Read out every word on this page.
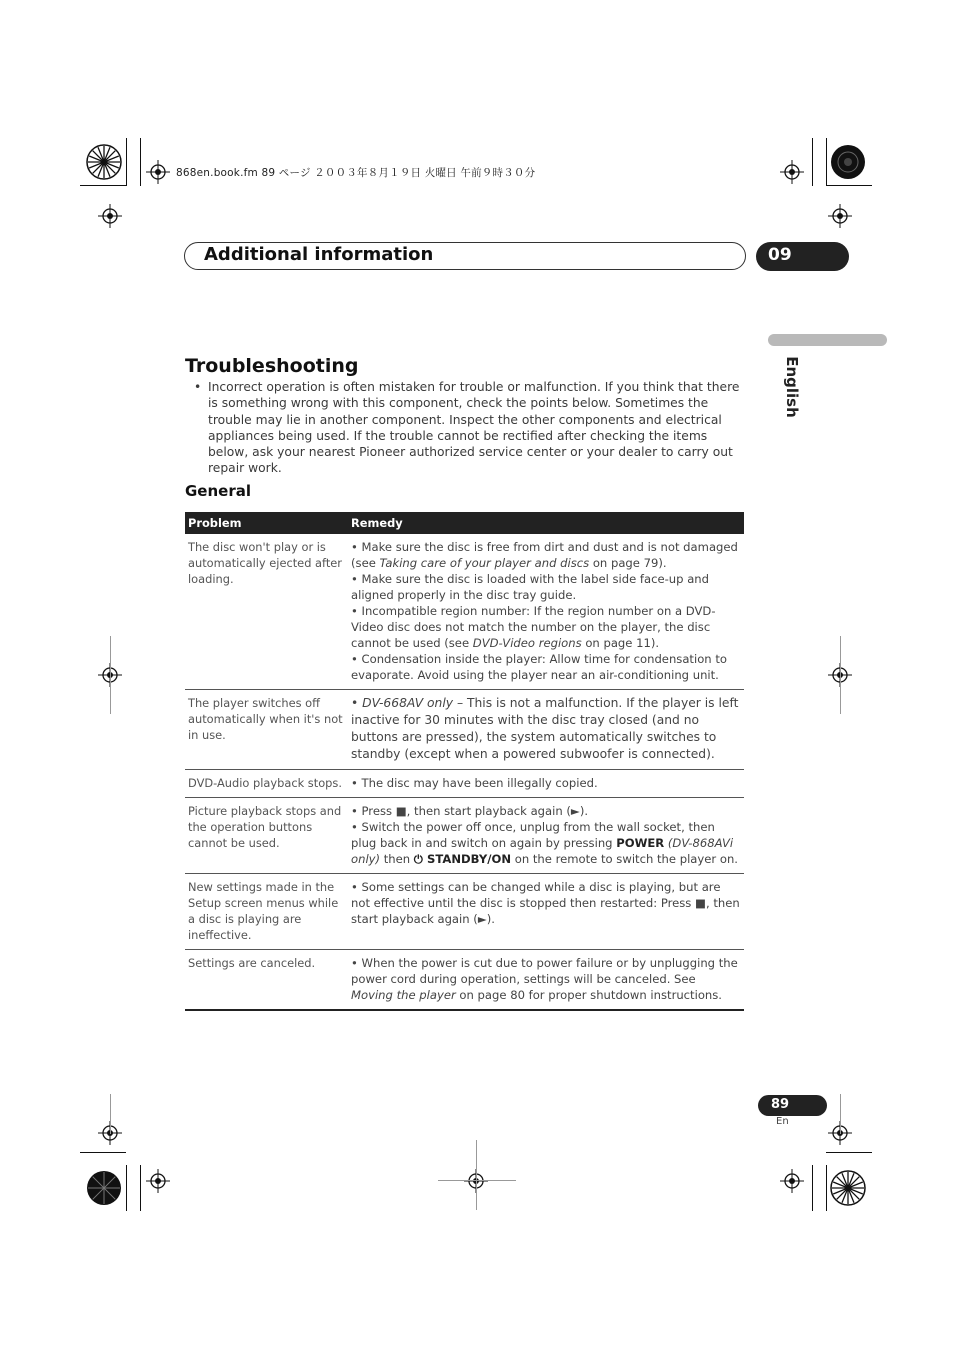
868en.book.fm 89 ページ ２００３年８月１９日 火曜日 午前９時３０分
Additional information	09
English
Troubleshooting
• Incorrect operation is often mistaken for trouble or malfunction. If you think that there is something wrong with this component, check the points below. Sometimes the trouble may lie in another component. Inspect the other components and electrical appliances being used. If the trouble cannot be rectified after checking the items below, ask your nearest Pioneer authorized service center or your dealer to carry out repair work.
General
Problem	Remedy
The disc won't play or is automatically ejected after loading.	• Make sure the disc is free from dirt and dust and is not damaged (see Taking care of your player and discs on page 79).
• Make sure the disc is loaded with the label side face-up and aligned properly in the disc tray guide.
• Incompatible region number: If the region number on a DVD-Video disc does not match the number on the player, the disc cannot be used (see DVD-Video regions on page 11).
• Condensation inside the player: Allow time for condensation to evaporate. Avoid using the player near an air-conditioning unit.

The player switches off automatically when it's not in use.	• DV-668AV only – This is not a malfunction. If the player is left inactive for 30 minutes with the disc tray closed (and no buttons are pressed), the system automatically switches to standby (except when a powered subwoofer is connected).

DVD-Audio playback stops.	• The disc may have been illegally copied.

Picture playback stops and the operation buttons cannot be used.	• Press ■, then start playback again (►).
• Switch the power off once, unplug from the wall socket, then plug back in and switch on again by pressing POWER (DV-868AVi only) then ⏻ STANDBY/ON on the remote to switch the player on.

New settings made in the Setup screen menus while a disc is playing are ineffective.	• Some settings can be changed while a disc is playing, but are not effective until the disc is stopped then restarted: Press ■, then start playback again (►).

Settings are canceled.	• When the power is cut due to power failure or by unplugging the power cord during operation, settings will be canceled. See Moving the player on page 80 for proper shutdown instructions.
89
En
